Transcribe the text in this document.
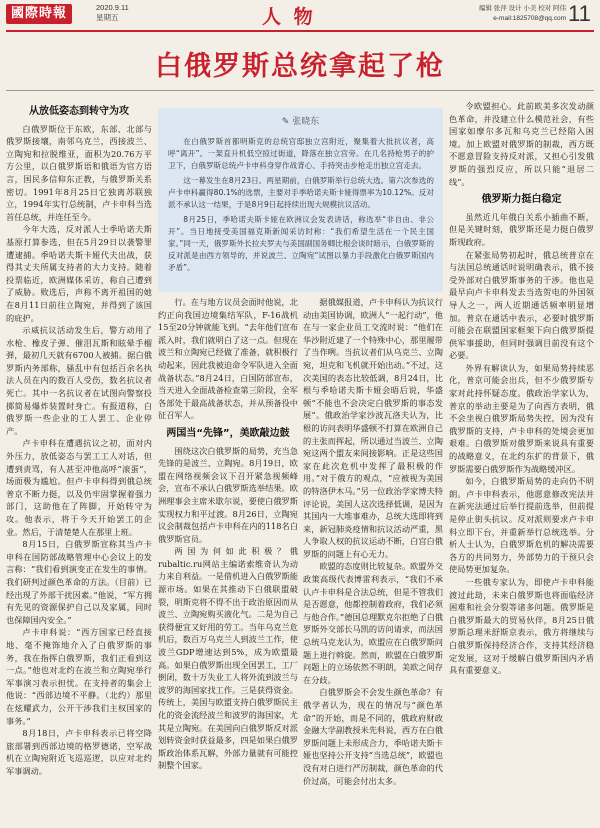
國際時報	2020.9.11
星期五	人 物	编辑 张萍 设计 小美 校对 阿伟
e-mail:1825708@qq.com 11
白俄罗斯总统拿起了枪
✎ 张晓东

在白俄罗斯首都明斯克的总统官邸独立宫附近，聚集着大批抗议者，高呼“离开”。一架直升机低空掠过街道，降落在独立宫旁。在几名持枪男子的护卫下，白俄罗斯总统卢卡申科身穿作战背心、手持突击步枪走出独立宫走去。

这一幕发生在8月23日。两星期前，白俄罗斯举行总统大选。第六次参选的卢卡申科赢得80.1%的选票，主要对手季哈诺夫斯卡娅得票率为10.12%。反对派不承认这一结果，于是8月9日起持续出现大规模抗议活动。

8月25日，季哈诺夫斯卡娅在欧洲议会发表讲话，称选举“非自由、非公开”。当日地接受美国福克斯新闻采访时称：“我们希望生活在一个民主国家。”同一天，俄罗斯外长拉夫罗夫与美国副国务卿比根会谈时暗示，白俄罗斯的反对派是由西方领导的，并说波兰、立陶宛“试图以暴力手段激化白俄罗斯国内矛盾”。

从放低姿态到转守为攻

白俄罗斯位于东欧，东部、北部与俄罗斯接壤，南邻乌克兰，西接波兰、立陶宛和拉脱维亚，面积为20.76万平方公里，以白俄罗斯语和俄语为官方语言，国民多信仰东正教，与俄罗斯关系密切。1991年8月25日它独离苏联独立，1994年实行总统制，卢卡申科当选首任总统，并连任至今。

今年大选，反对派人士季哈诺夫斯基原打算参选，但在5月29日以袭警罪遭逮捕。季哈诺夫斯卡娅代夫出战，获得其丈夫所属支持者的大力支持。随着投票临近，欧洲媒体采访，称自己遭到了威胁。败选后，声称不离开祖国的她在8月11日前往立陶宛，并得到了该国的庇护。

示威抗议活动发生后，警方动用了水枪、橡皮子弹、催泪瓦斯和眩晕手榴弹，最初几天就有6700人被捕。据白俄罗斯内务部称，骚乱中有包括百余名执法人员在内的数百人受伤，数名抗议者死亡。其中一名抗议者在试图向警察投掷简易爆炸装置时身亡。有报道称，白俄罗斯一些企业的工人罢工、企业停产。

卢卡申科在遭遇抗议之初，面对内外压力，放低姿态与罢工工人对话，但遭到责骂，有人甚至冲他高呼“滚蛋”，场面极为尴尬。但卢卡申科得到俄总统普京不断力挺，以及仍牢固掌握着强力部门，这助他在了阵脚，开始转守为攻。他表示，将于今天开始罢工的企业。然后，于清楚楚人在那里上班。

8月15日，白俄罗斯宣称其当卢卡申科在国防部战略管理中心会议上的发言称：“我们看到演变正在发生的事情。我们研判过颜色革命的方法。（目前）已经出现了外部干扰因素。”他说，“军方拥有先见的资源保护自己以及家属，同时也保障国内安全。”

卢卡申科说：“西方国家已经直接地、毫不掩饰地介入了白俄罗斯的事务，我在指挥白俄罗斯，我们正看到这一点。”他也对北约在波兰和立陶宛举行军事演习表示担忧。在支持者的集会上他说：“西部边境不平静。（北约）那里在炫耀武力，公开干涉我们主权国家的事务。”

8月18日，卢卡申科表示已将空降旅部署到西部边境的格罗德诺，空军战机在立陶宛附近飞巡巡逻，以应对北约军事调动。

行。在与地方议员会面时他说，北约正向我国边境集结军队，F-16战机15至20分钟就能飞到。“去年他们宣布派入时，我们就明白了这一点。但现在波兰和立陶宛已经做了准备，就积极行动起来，因此我被迫命令军队进入全面战备状态。”8月24日，白国防部宣布，当天进入全面战备检查第三阶段，全军各部处于最高战备状态，并从预备役中征召军人。

两国当“先锋”，美欧敲边鼓

围绕这次白俄罗斯的局势，充当急先锋的是波兰、立陶宛。8月19日，欧盟在网络视频会议下召开紧急视频峰会，宣布不承认白俄罗斯选举结果。欧洲理事会主席米歇尔说，要使白俄罗斯实现权力和平过渡。8月26日，立陶宛议会制裁包括卢卡申科在内的118名白俄罗斯官员。

两国为何如此积极？俄rubaltic.ru网站主编诺索维奇认为动力来自利益。一是借机进入白俄罗斯能源市场。如果在其推动下白俄联盟破裂，明斯克将不得不出于政治原因而从波兰、立陶宛购买液化气。二是为自己获得便宜又好用的劳工。当年乌克兰危机后，数百万乌克兰人到波兰工作，使波兰GDP增速达到5%，成为欧盟最高。如果白俄罗斯出现全国罢工，工厂倒闭，数十万失业工人将外流到波兰与波罗的海国家找工作。三是获得资金。传统上，美国与欧盟支持白俄罗斯民主化的资金流经波兰和波罗的海国家，尤其是立陶宛。在美国向白俄罗斯反对派划转资金时获益最多，四是如果白俄罗斯政治体系瓦解，外部力量就有可能控制整个国家。

据俄媒报道，卢卡申科认为抗议行动由美国协调，欧洲人“一起行动”，他在与一家企业员工交流时说：“他们在华沙附近建了一个特殊中心，那里履带了当作咧。当抗议者们从乌克兰、立陶宛，坦克和飞机就开始出动。”不过，这次美国的表态比较低调，8月24日，比根与季哈诺夫斯卡娅会晤后说，华盛顿“不能也不会决定白俄罗斯的事态发展”。俄政治学家沙波瓦洛夫认为，比根的访问表明华盛顿不打算在欧洲自己的主张而挥起，所以通过当波兰、立陶宛这两个盟友来间接影响。正是这些国家在此次危机中发挥了最积极的作用。”对于俄方的观点，“应被视为美国的特洛伊木马。”另一位政治学家博夫特评论说，美国人这次选择低调，是因为其国内一大堆事难办，总统大选即将到来，新冠肺炎疫情和抗议活动严重，黑人争取人权的抗议运动不断，白宫白俄罗斯的问题上有心无力。

欧盟的态度则比较复杂。欧盟外交政策高级代表博雷利表示，“我们不承认卢卡申科是合法总统，但是不管我们是否愿意，他都控制着政府，我们必须与他合作。”德国总理默克尔拒绝了白俄罗斯外交部长马凯的访问请求，而法国总统马克龙认为，欧盟应在白俄罗斯问题上进行斡旋。然而，欧盟在白俄罗斯问题上的立场依然不明朗，美欧之间存在分歧。

白俄罗斯会不会发生颜色革命？有俄学者认为，现在的情况与“颜色革命”的开始，而是不同的，俄政府财政金融大学副教授米先科说，西方在白俄罗斯问题上未形成合力，季哈诺夫斯卡娅也坚持公开支持“当选总统”，欧盟也没有对白进行严厉制裁，颜色革命的代价过高，可能会付出太多。

令欧盟担心。此前欧美多次发动颜色革命，并没建立什么模范社会，有些国家如摩尔多瓦和乌克兰已经陷入困境。加上欧盟对俄罗斯的制裁，西方既不愿意冒险支持反对派，又担心引发俄罗斯的强烈反应，所以只能“退居二线”。

俄罗斯力挺白稳定

虽然近几年俄白关系小插曲不断，但是关键时刻，俄罗斯还是力挺白俄罗斯现政府。

在紧张局势初起时，俄总统普京在与法国总统通话时说明确表示，俄不接受外部对白俄罗斯事务的干涉。他也是最早向卢卡申科发去当选贺电的外国领导人之一，两人近期通话频率明显增加。普京在通话中表示，必要时俄罗斯可能会在联盟国家框架下向白俄罗斯提供军事援助，但同时强调目前没有这个必要。

外界有解读认为，如果局势持续恶化，普京可能会出兵，但不少俄罗斯专家对此持怀疑态度。俄政治学家认为，普京的举动主要是为了向西方表明，俄不会坐视白俄罗斯局势失控，因为没有俄罗斯的支持，卢卡申科的处境会更加艰难。白俄罗斯对俄罗斯来说具有重要的战略意义，在北约东扩的背景下，俄罗斯需要白俄罗斯作为战略缓冲区。

如今，白俄罗斯局势的走向仍不明朗。卢卡申科表示，他愿意修改宪法并在新宪法通过后举行提前选举，但前提是停止街头抗议。反对派则要求卢卡申科立即下台，并重新举行总统选举。分析人士认为，白俄罗斯危机的解决需要各方的共同努力，外部势力的干预只会使局势更加复杂。

一些俄专家认为，即使卢卡申科能渡过此劫，未来白俄罗斯也将面临经济困难和社会分裂等诸多问题。俄罗斯是白俄罗斯最大的贸易伙伴，8月25日俄罗斯总理米舒斯京表示，俄方将继续与白俄罗斯保持经济合作，支持其经济稳定发展，这对于缓解白俄罗斯国内矛盾具有重要意义。
